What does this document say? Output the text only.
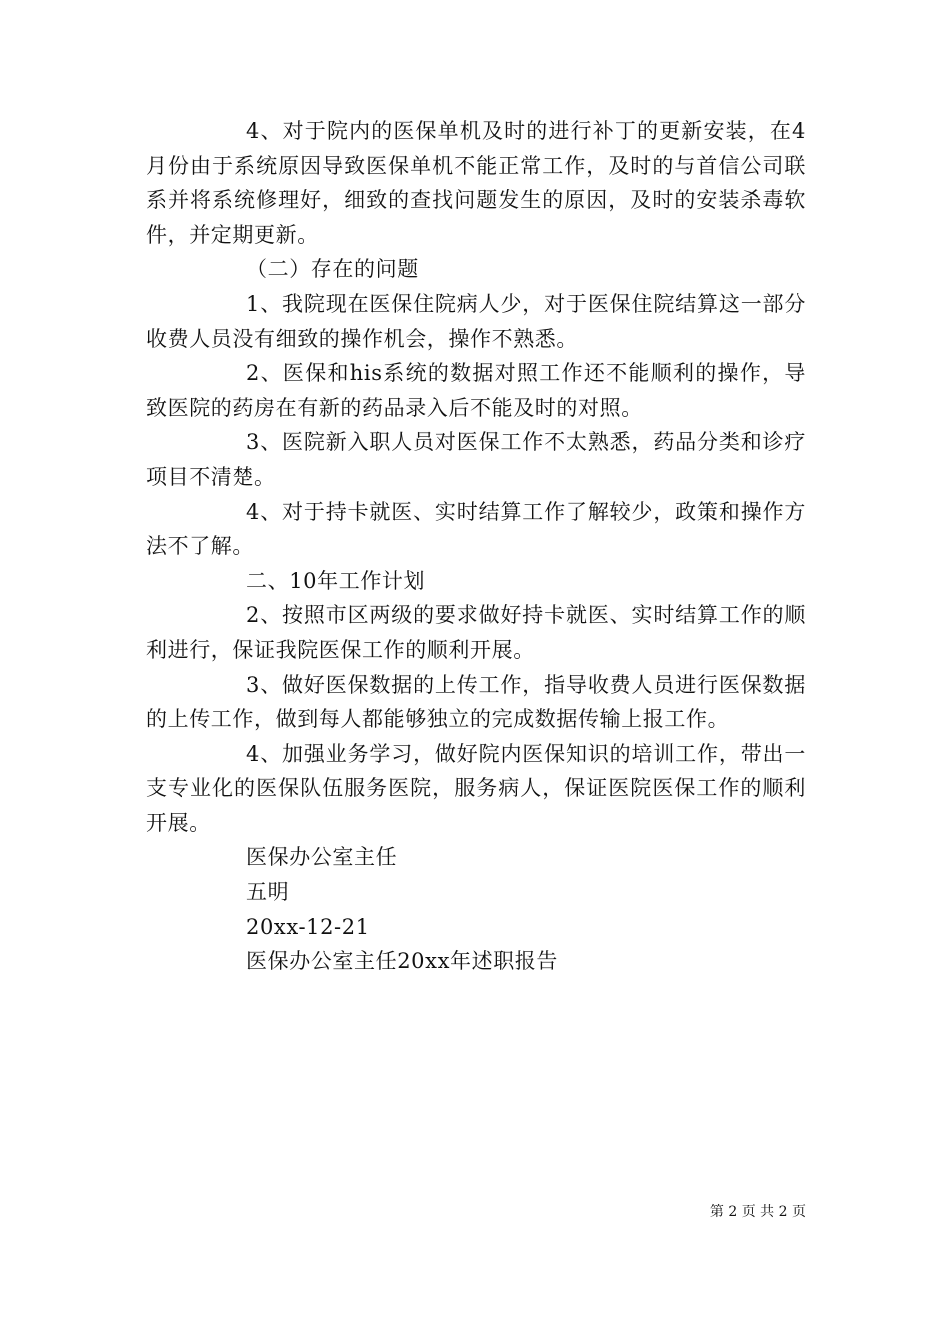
4、对于院内的医保单机及时的进行补丁的更新安装，在4月份由于系统原因导致医保单机不能正常工作，及时的与首信公司联系并将系统修理好，细致的查找问题发生的原因，及时的安装杀毒软件，并定期更新。

（二）存在的问题

1、我院现在医保住院病人少，对于医保住院结算这一部分收费人员没有细致的操作机会，操作不熟悉。

2、医保和his系统的数据对照工作还不能顺利的操作，导致医院的药房在有新的药品录入后不能及时的对照。

3、医院新入职人员对医保工作不太熟悉，药品分类和诊疗项目不清楚。

4、对于持卡就医、实时结算工作了解较少，政策和操作方法不了解。

二、10年工作计划

2、按照市区两级的要求做好持卡就医、实时结算工作的顺利进行，保证我院医保工作的顺利开展。

3、做好医保数据的上传工作，指导收费人员进行医保数据的上传工作，做到每人都能够独立的完成数据传输上报工作。

4、加强业务学习，做好院内医保知识的培训工作，带出一支专业化的医保队伍服务医院，服务病人，保证医院医保工作的顺利开展。

医保办公室主任

五明

20xx-12-21

医保办公室主任20xx年述职报告

第 2 页 共 2 页
